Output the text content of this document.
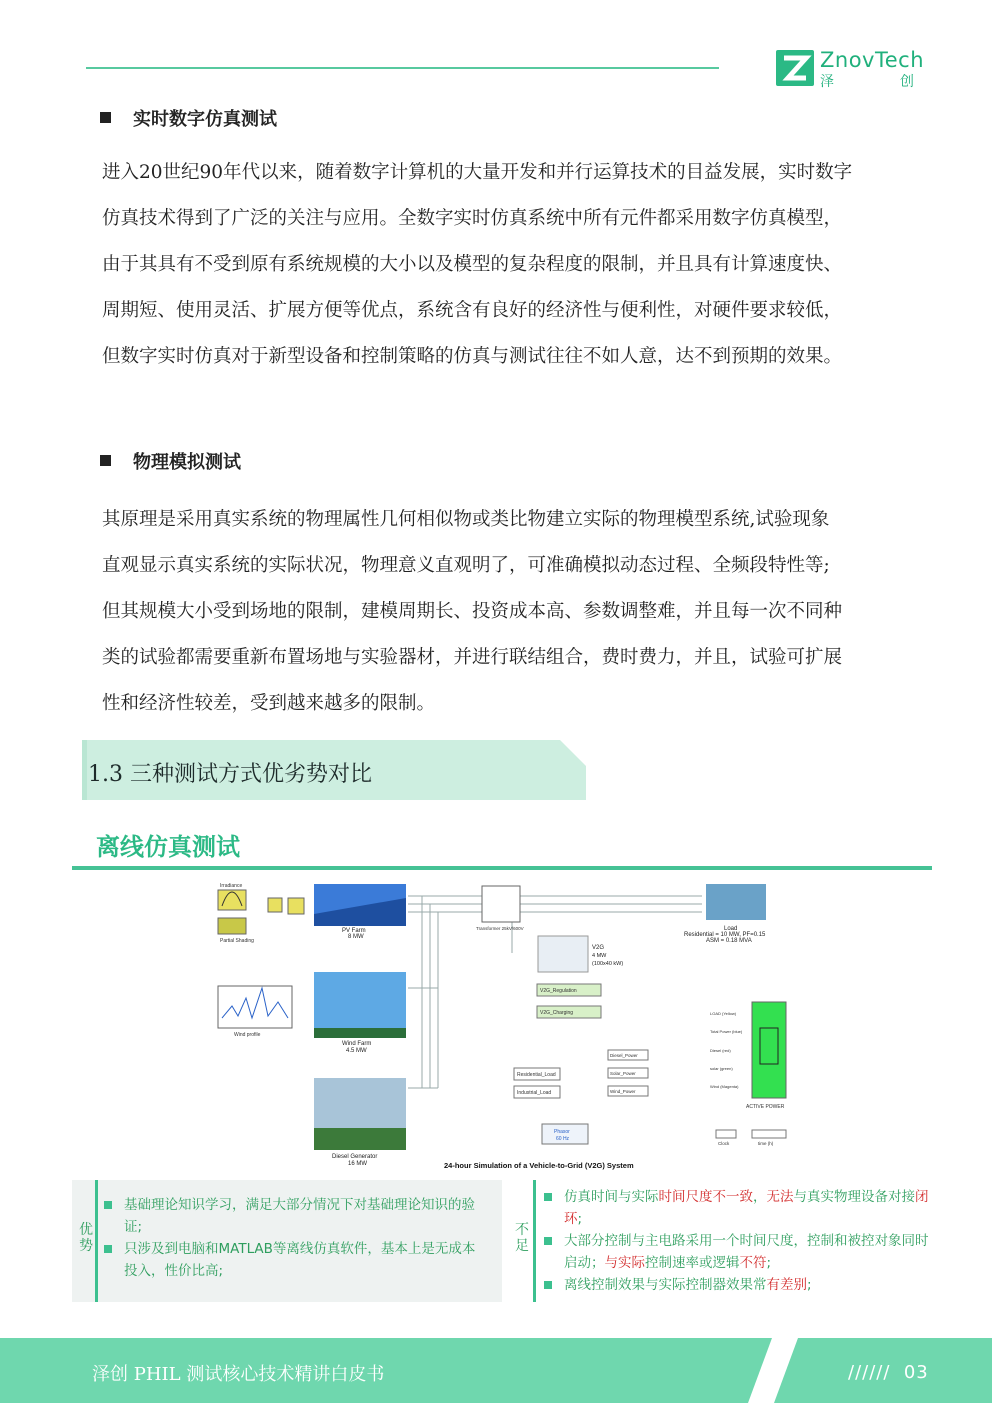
ZnovTech
泽	创
实时数字仿真测试

进入20世纪90年代以来，随着数字计算机的大量开发和并行运算技术的目益发展，实时数字

仿真技术得到了广泛的关注与应用。全数字实时仿真系统中所有元件都采用数字仿真模型，

由于其具有不受到原有系统规模的大小以及模型的复杂程度的限制，并且具有计算速度快、

周期短、使用灵活、扩展方便等优点，系统含有良好的经济性与便利性，对硬件要求较低，

但数字实时仿真对于新型设备和控制策略的仿真与测试往往不如人意，达不到预期的效果。

物理模拟测试

其原理是采用真实系统的物理属性几何相似物或类比物建立实际的物理模型系统,试验现象

直观显示真实系统的实际状况，物理意义直观明了，可准确模拟动态过程、全频段特性等;

但其规模大小受到场地的限制，建模周期长、投资成本高、参数调整难，并且每一次不同种

类的试验都需要重新布置场地与实验器材，并进行联结组合，费时费力，并且，试验可扩展

性和经济性较差，受到越来越多的限制。

1.3 三种测试方式优劣势对比
离线仿真测试
Irradiance
Partial Shading
PV Farm
8 MW
Transformer 25kV/600V	Load
Residential = 10 MW, PF=0.15
ASM = 0.18 MVA
V2G
4 MW
(100x40 kW)
Wind profile
Wind Farm
4.5 MW
V2G_Regulation
V2G_Charging
Residential_Load
Industrial_Load
Diesel_Power
Solar_Power
Wind_Power
LOAD (Yellow)
Total Power (blue)
Diesel (red)
solar (green)
Wind (Magenta)
ACTIVE POWER
Diesel Generator
16 MW
Phasor
60 Hz
Clock	time (h)
24-hour Simulation of a Vehicle-to-Grid (V2G) System
优势
基础理论知识学习，满足大部分情况下对基础理论知识的验证;
只涉及到电脑和MATLAB等离线仿真软件，基本上是无成本投入，性价比高;
不足
仿真时间与实际时间尺度不一致，无法与真实物理设备对接闭环;
大部分控制与主电路采用一个时间尺度，控制和被控对象同时启动；与实际控制速率或逻辑不符;
离线控制效果与实际控制器效果常有差别;
泽创 PHIL 测试核心技术精讲白皮书	////// 03
